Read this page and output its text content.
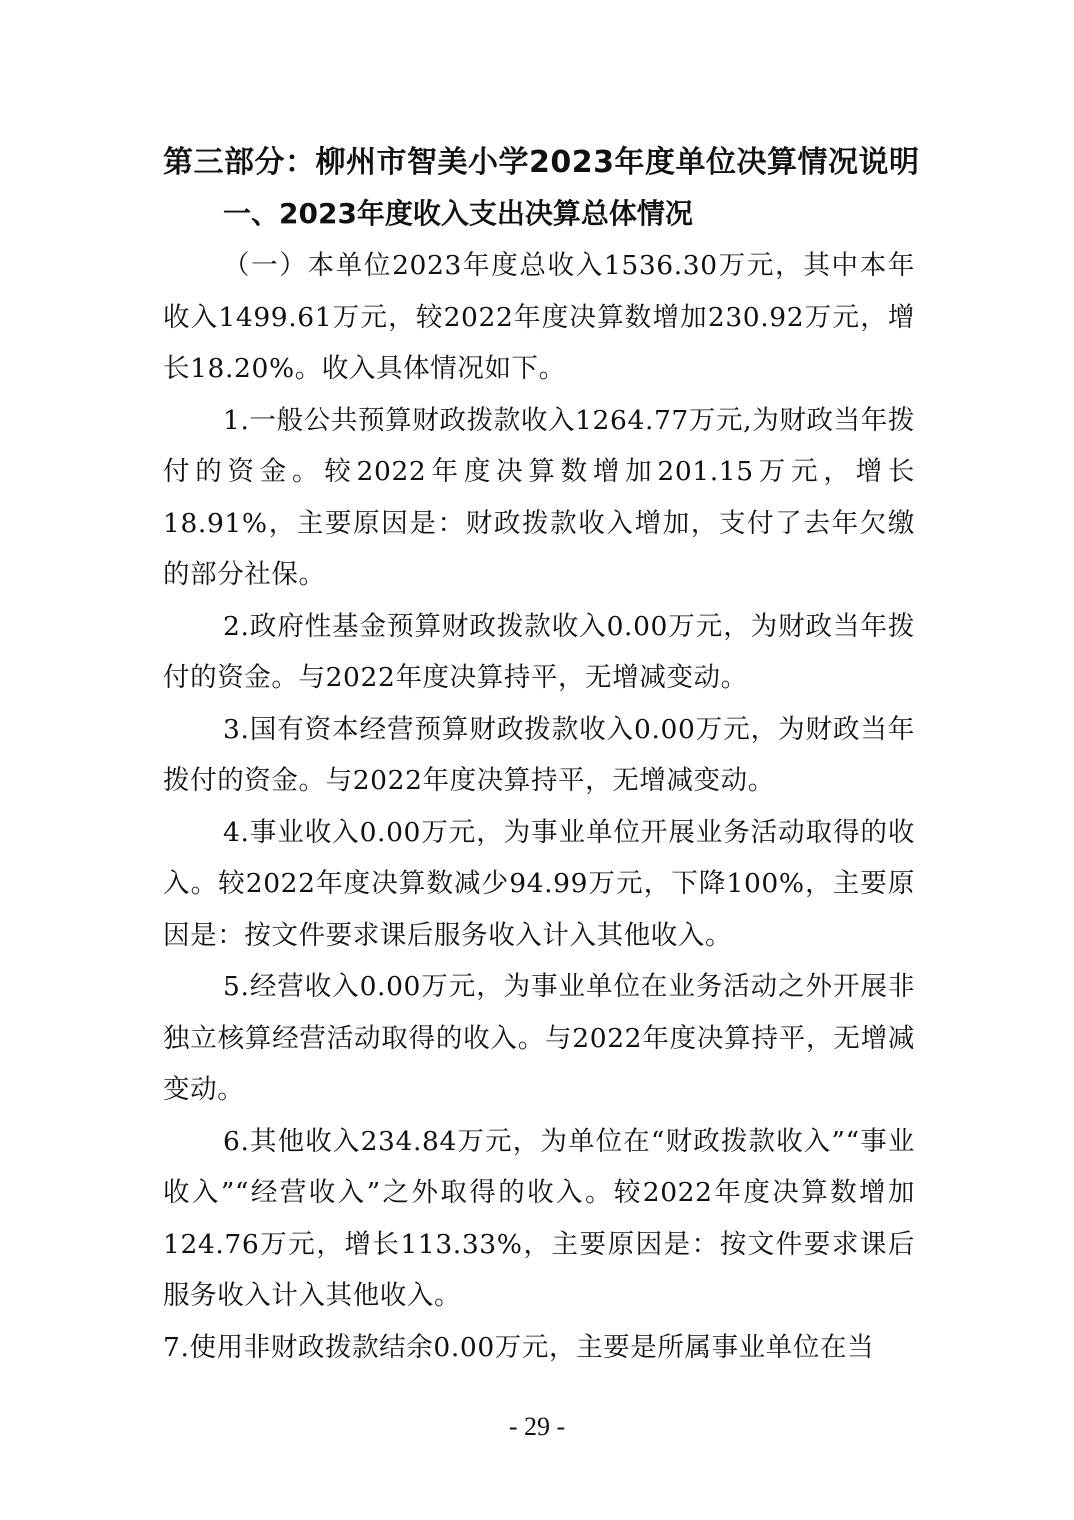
第三部分：柳州市智美小学2023年度单位决算情况说明
一、2023年度收入支出决算总体情况

（一）本单位2023年度总收入1536.30万元，其中本年收入1499.61万元，较2022年度决算数增加230.92万元，增长18.20%。收入具体情况如下。

1.一般公共预算财政拨款收入1264.77万元,为财政当年拨付的资金。较2022年度决算数增加201.15万元，增长18.91%，主要原因是：财政拨款收入增加，支付了去年欠缴的部分社保。

2.政府性基金预算财政拨款收入0.00万元，为财政当年拨付的资金。与2022年度决算持平，无增减变动。

3.国有资本经营预算财政拨款收入0.00万元，为财政当年拨付的资金。与2022年度决算持平，无增减变动。

4.事业收入0.00万元，为事业单位开展业务活动取得的收入。较2022年度决算数减少94.99万元，下降100%，主要原因是：按文件要求课后服务收入计入其他收入。

5.经营收入0.00万元，为事业单位在业务活动之外开展非独立核算经营活动取得的收入。与2022年度决算持平，无增减变动。

6.其他收入234.84万元，为单位在“财政拨款收入”“事业收入”“经营收入”之外取得的收入。较2022年度决算数增加124.76万元，增长113.33%，主要原因是：按文件要求课后服务收入计入其他收入。

7.使用非财政拨款结余0.00万元，主要是所属事业单位在当

- 29 -
